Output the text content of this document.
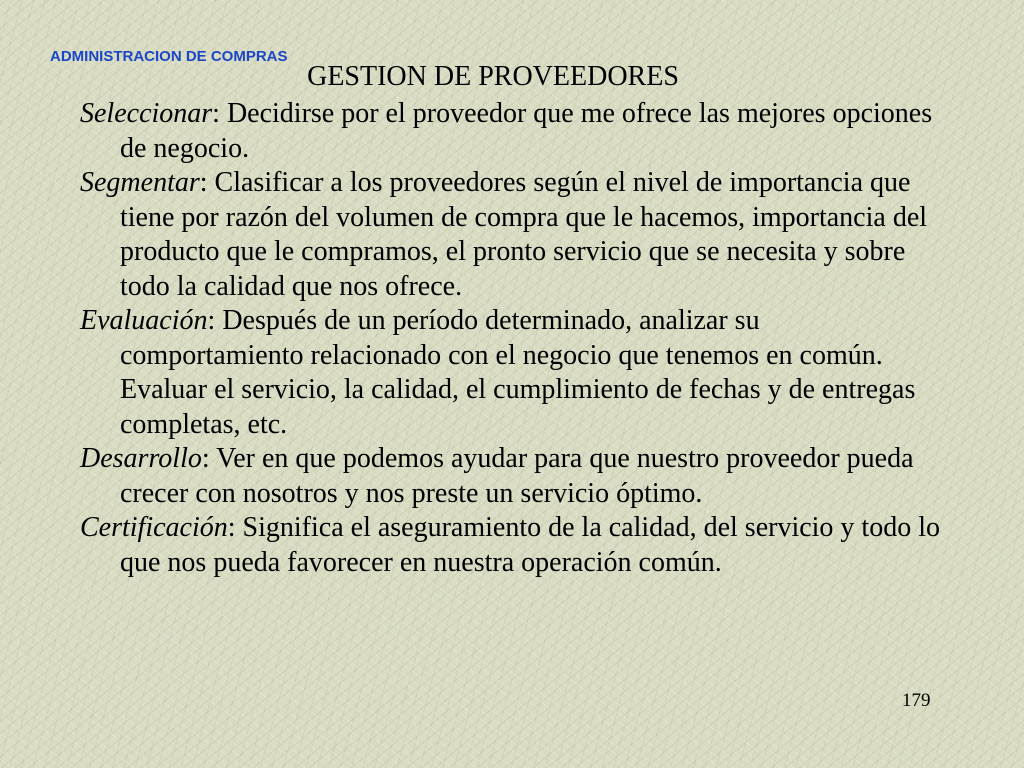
ADMINISTRACION DE COMPRAS
GESTION DE PROVEEDORES

Seleccionar: Decidirse por el proveedor que me ofrece las mejores opciones de negocio.

Segmentar: Clasificar a los proveedores según el nivel de importancia que tiene por razón del volumen de compra que le hacemos, importancia del producto que le compramos, el pronto servicio que se necesita y sobre todo la calidad que nos ofrece.

Evaluación: Después de un período determinado, analizar su comportamiento relacionado con el negocio que tenemos en común. Evaluar el servicio, la calidad, el cumplimiento de fechas y de entregas completas, etc.

Desarrollo: Ver en que podemos ayudar para que nuestro proveedor pueda crecer con nosotros y nos preste un servicio óptimo.

Certificación: Significa el aseguramiento de la calidad, del servicio y todo lo que nos pueda favorecer en nuestra operación común.

179
